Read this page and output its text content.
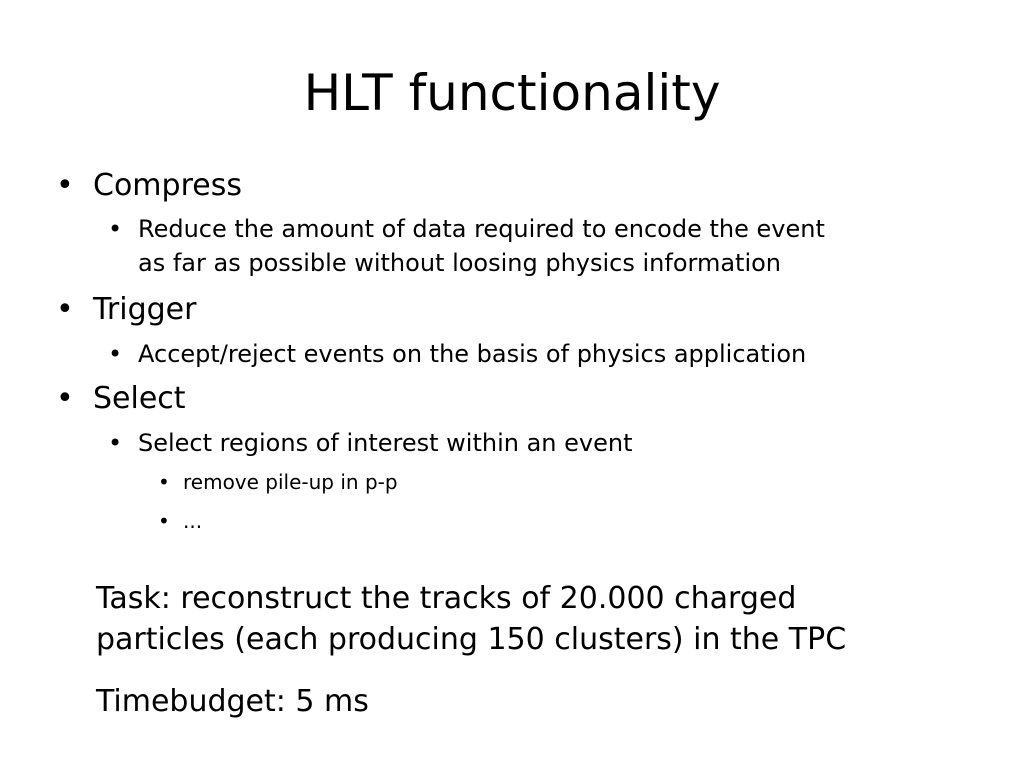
HLT functionality
• Compress
• Reduce the amount of data required to encode the event
as far as possible without loosing physics information
• Trigger
• Accept/reject events on the basis of physics application
• Select
• Select regions of interest within an event
• remove pile-up in p-p
• ...
Task: reconstruct the tracks of 20.000 charged
particles (each producing 150 clusters) in the TPC
Timebudget: 5 ms
